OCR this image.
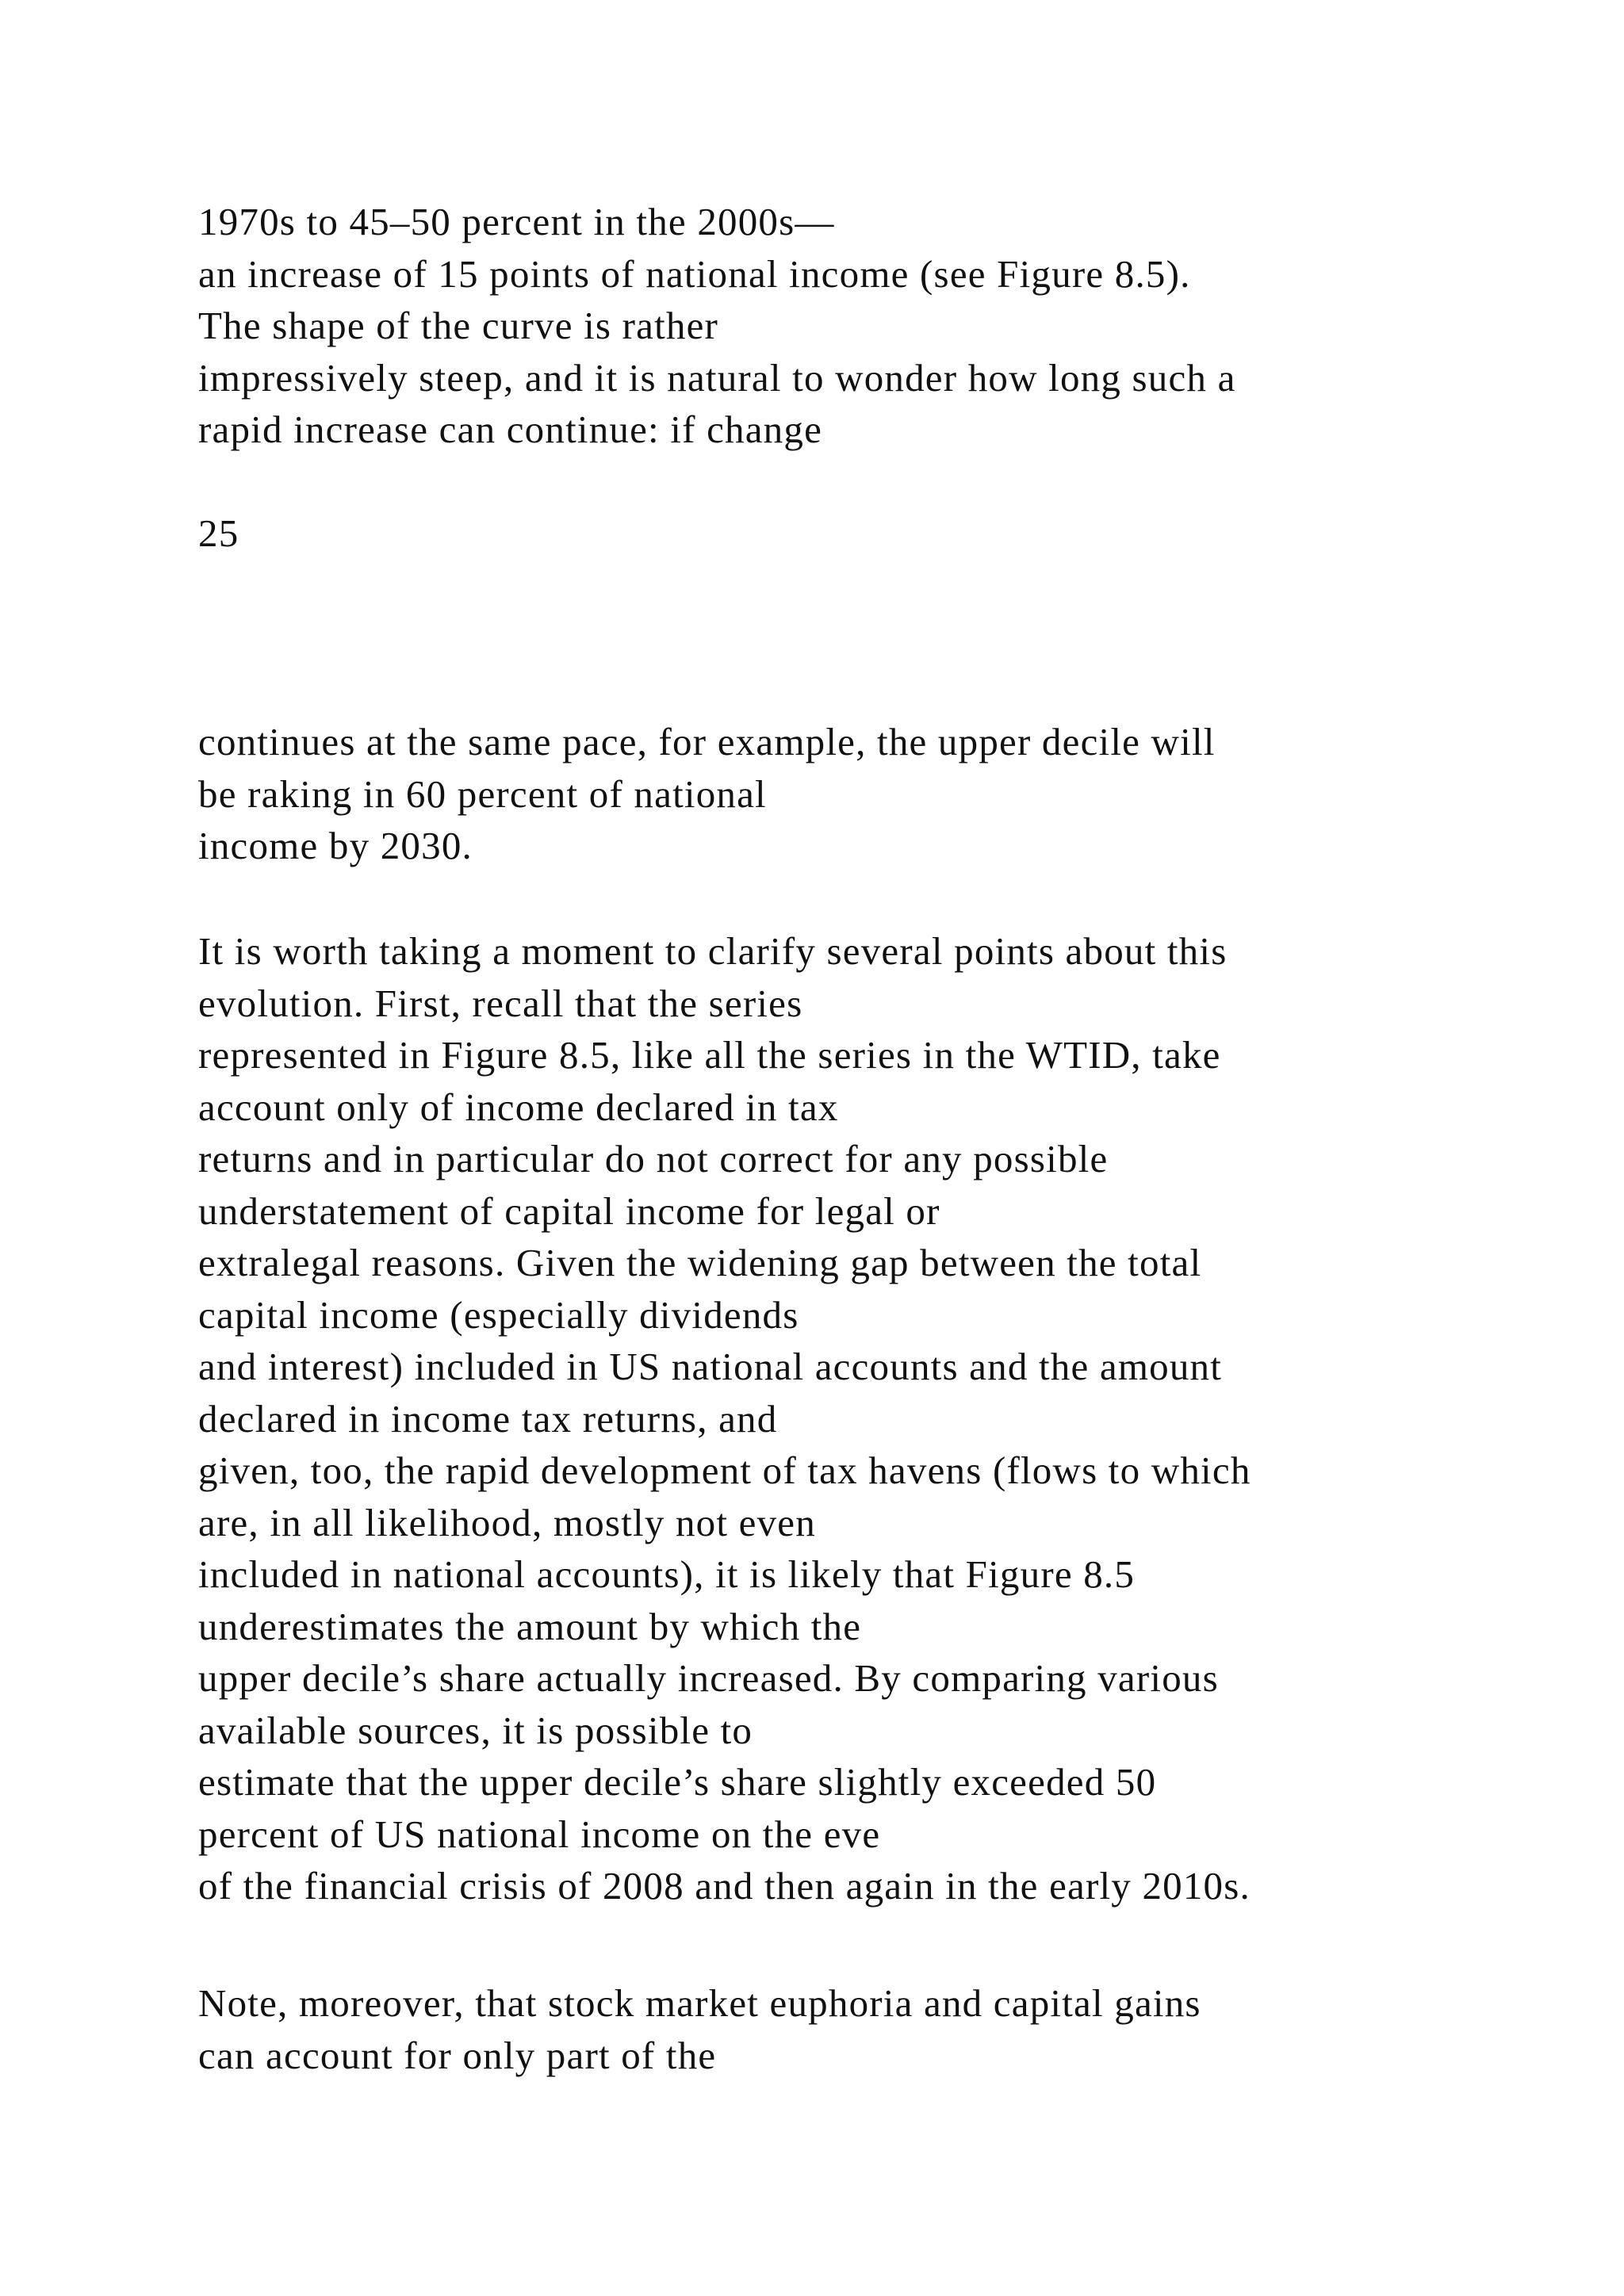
1970s to 45–50 percent in the 2000s—
an increase of 15 points of national income (see Figure 8.5).
The shape of the curve is rather
impressively steep, and it is natural to wonder how long such a
rapid increase can continue: if change
25
continues at the same pace, for example, the upper decile will
be raking in 60 percent of national
income by 2030.
It is worth taking a moment to clarify several points about this
evolution. First, recall that the series
represented in Figure 8.5, like all the series in the WTID, take
account only of income declared in tax
returns and in particular do not correct for any possible
understatement of capital income for legal or
extralegal reasons. Given the widening gap between the total
capital income (especially dividends
and interest) included in US national accounts and the amount
declared in income tax returns, and
given, too, the rapid development of tax havens (flows to which
are, in all likelihood, mostly not even
included in national accounts), it is likely that Figure 8.5
underestimates the amount by which the
upper decile’s share actually increased. By comparing various
available sources, it is possible to
estimate that the upper decile’s share slightly exceeded 50
percent of US national income on the eve
of the financial crisis of 2008 and then again in the early 2010s.
Note, moreover, that stock market euphoria and capital gains
can account for only part of the
